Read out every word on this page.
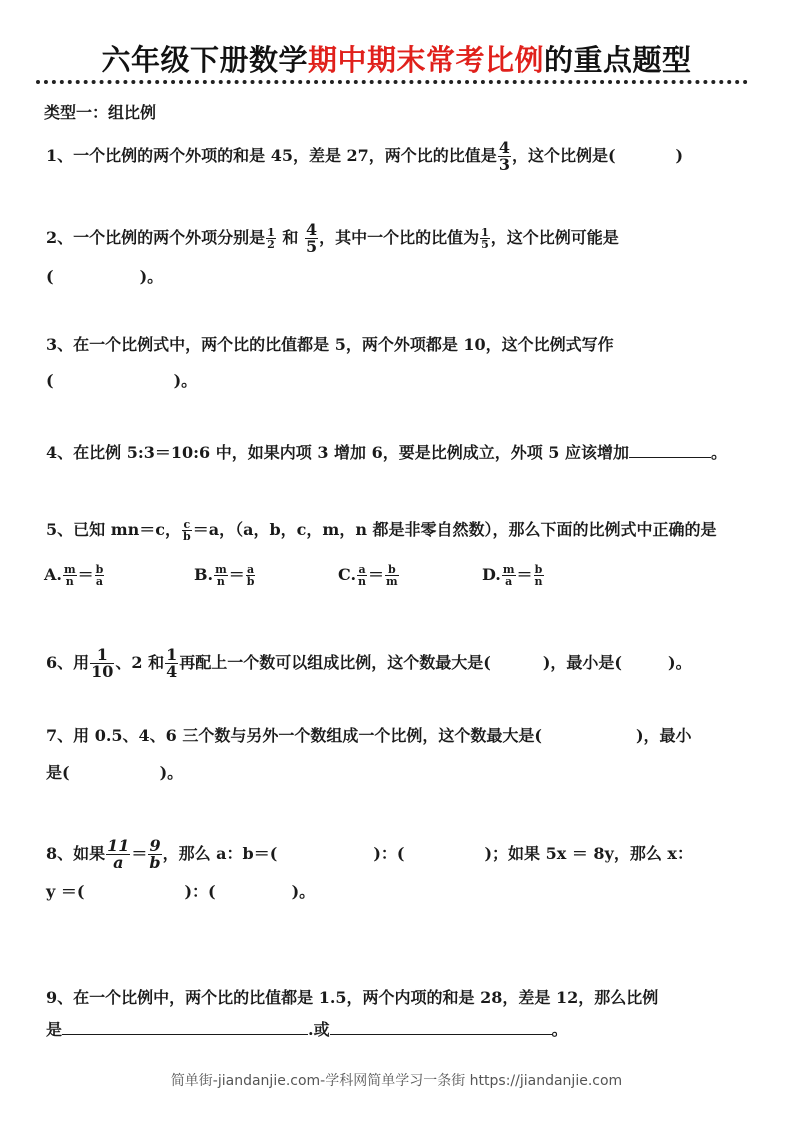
六年级下册数学期中期末常考比例的重点题型
类型一：组比例
1、一个比例的两个外项的和是 45，差是 27，两个比的比值是 $\frac{4}{3}$ ，这个比例是(	)
2、一个比例的两个外项分别是 $\frac{1}{2}$ 和 $\frac{4}{5}$ ，其中一个比的比值为 $\frac{1}{5}$ ，这个比例可能是
(	)。
3、在一个比例式中，两个比的比值都是 5，两个外项都是 10，这个比例式写作
(	)。
4、在比例 5:3＝10:6 中，如果内项 3 增加 6，要是比例成立，外项 5 应该增加	。
5、已知 mn＝c， $\frac{c}{b} =a$，（a，b，c，m，n 都是非零自然数），那么下面的比例式中正确的是
A. $\frac{m}{n} = \frac{b}{a}$	B. $\frac{m}{n} = \frac{a}{b}$	C. $\frac{a}{n} = \frac{b}{m}$	D. $\frac{m}{a} = \frac{b}{n}$
6、用 $\frac{1}{10}$ 、2 和 $\frac{1}{4}$ 再配上一个数可以组成比例，这个数最大是(	)，最小是(	)。
7、用 0.5、4、6 三个数与另外一个数组成一个比例，这个数最大是(	)，最小
是(	)。
8、如果 $\frac{11}{a} = \frac{9}{b}$ ，那么 a：b＝(	)：(	)；如果 5x ＝ 8y，那么 x：
y ＝(	)：(	)。
9、在一个比例中，两个比的比值都是 1.5，两个内项的和是 28，差是 12，那么比例
是	.或	。
简单街-jiandanjie.com-学科网简单学习一条街 https://jiandanjie.com
